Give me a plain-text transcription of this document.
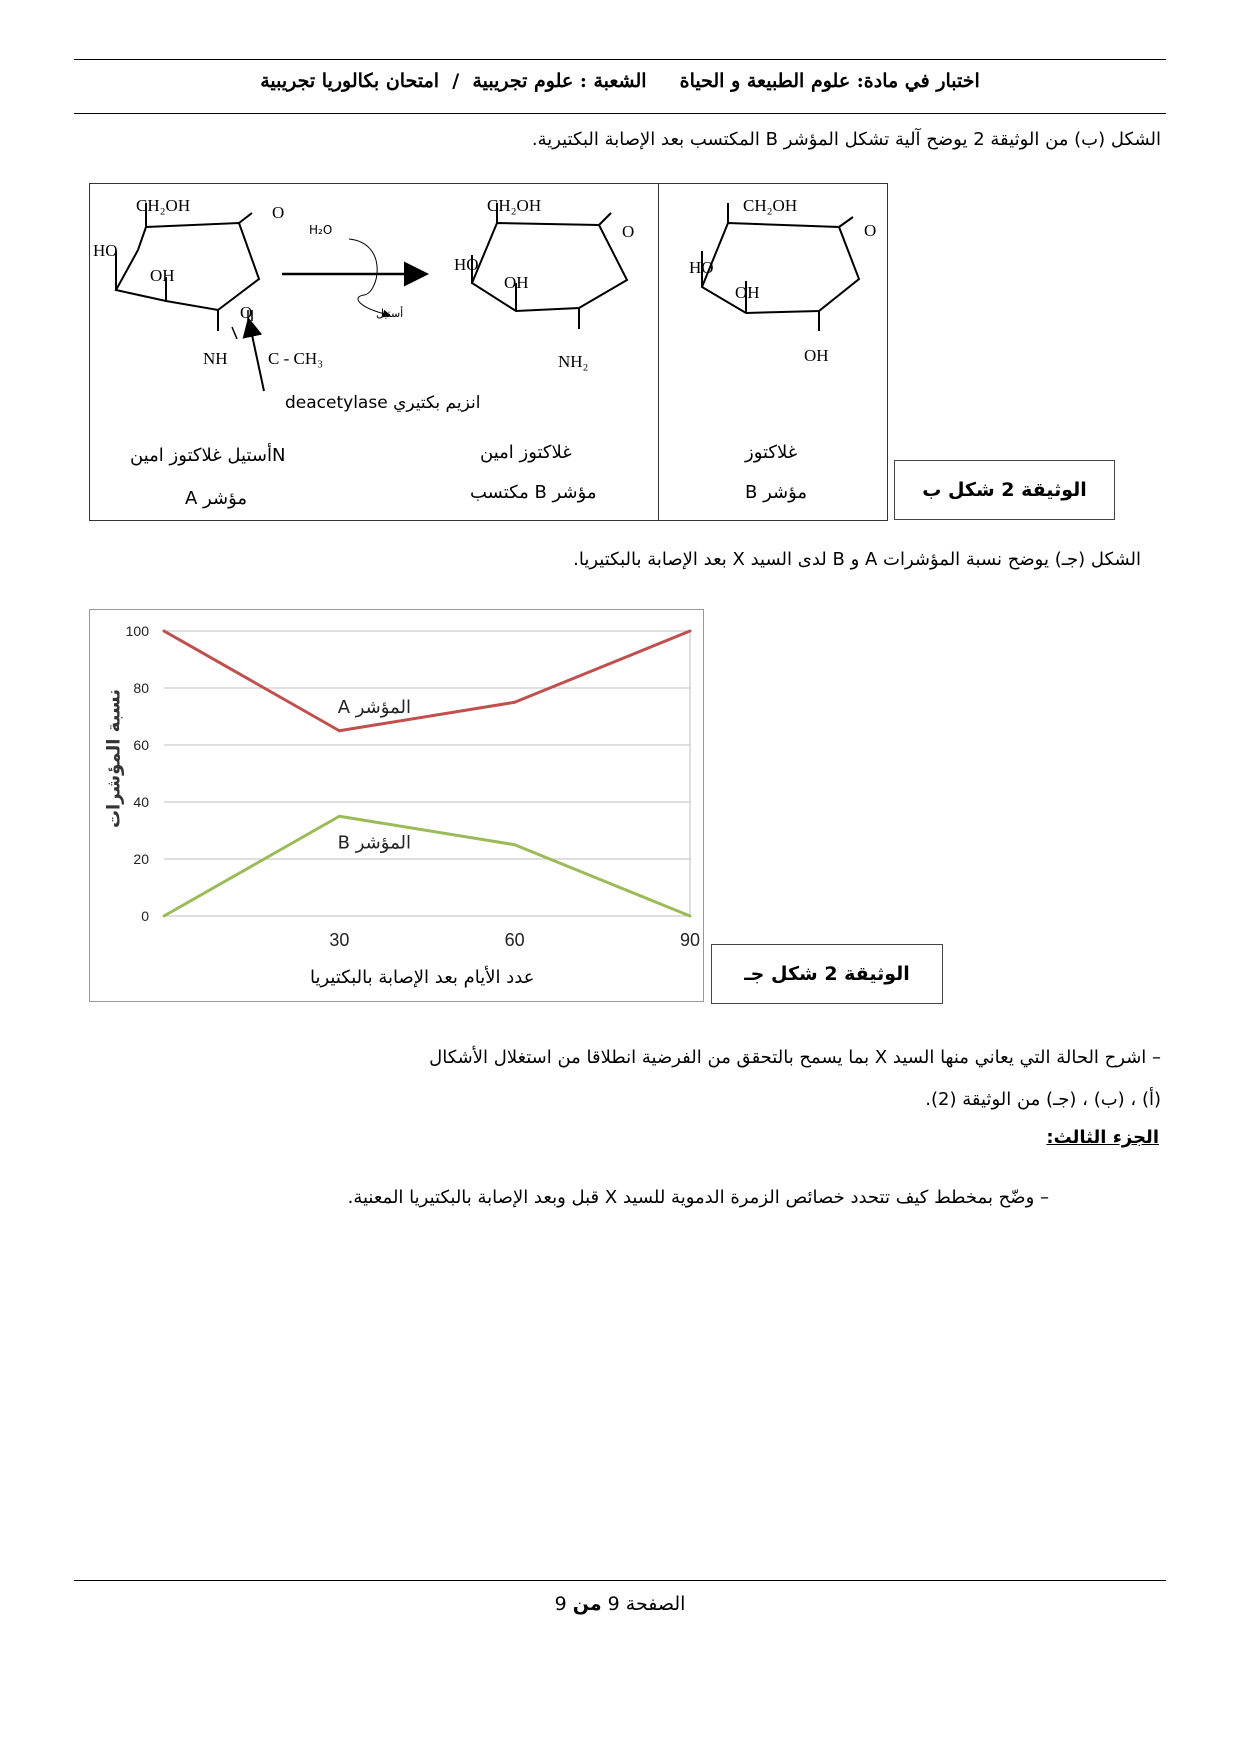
اختبار في مادة: علوم الطبيعة و الحياة     الشعبة : علوم تجريبية  /  امتحان بكالوريا تجريبية
الشكل (ب) من الوثيقة 2 يوضح آلية تشكل المؤشر B المكتسب بعد الإصابة البكتيرية.
CH₂OH	O
HO
OH
O
NH C - CH₃
H₂O
أستيل
deacetylase انزيم بكتيري
CH₂OH
O
HO
OH
NH₂
CH₂OH
O
HO
OH
OH
Nأستيل غلاكتوز امين
مؤشر A
غلاكتوز امين
مؤشر B مكتسب
غلاكتوز
مؤشر B	الوثيقة 2 شكل ب
الشكل (جـ) يوضح نسبة المؤشرات A و B لدى السيد X بعد الإصابة بالبكتيريا.
0
20
40
60
80
100
30	60	90
المؤشر A
المؤشر B
عدد الأيام بعد الإصابة بالبكتيريا
نسبة المؤشرات
الوثيقة 2 شكل جـ
– اشرح الحالة التي يعاني منها السيد X بما يسمح بالتحقق من الفرضية انطلاقا من استغلال الأشكال
(أ) ، (ب) ، (جـ) من الوثيقة (2).
الجزء الثالث:
– وضّح بمخطط كيف تتحدد خصائص الزمرة الدموية للسيد X قبل وبعد الإصابة بالبكتيريا المعنية.
الصفحة 9 من 9
